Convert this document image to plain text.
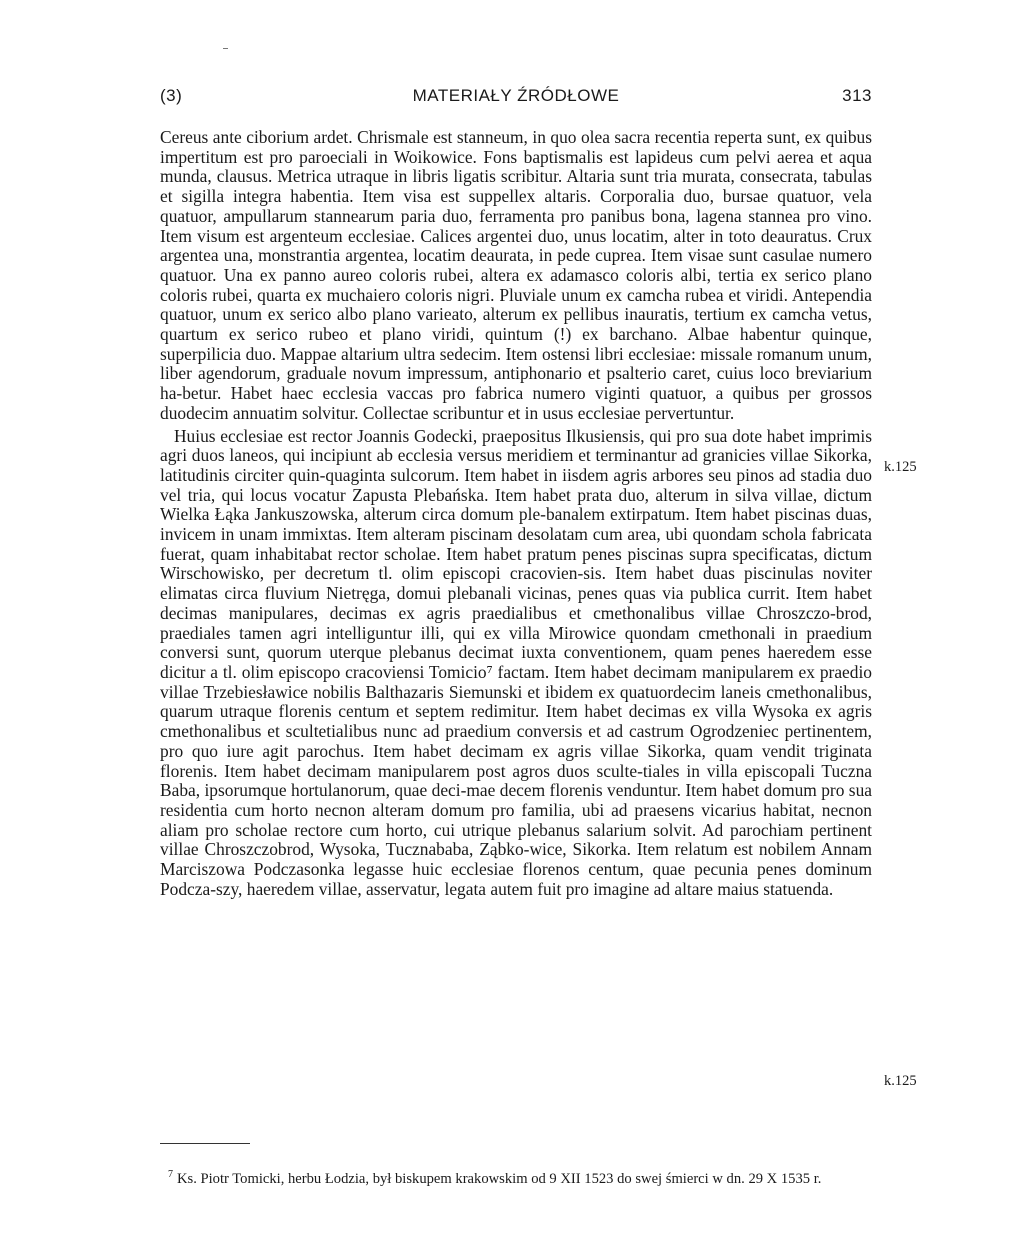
(3)	MATERIAŁY ŹRÓDŁOWE	313

Cereus ante ciborium ardet. Chrismale est stanneum, in quo olea sacra recentia reperta sunt, ex quibus impertitum est pro paroeciali in Woikowice. Fons baptismalis est lapideus cum pelvi aerea et aqua munda, clausus. Metrica utraque in libris ligatis scribitur. Altaria sunt tria murata, consecrata, tabulas et sigilla integra habentia. Item visa est suppellex altaris. Corporalia duo, bursae quatuor, vela quatuor, ampullarum stannearum paria duo, ferramenta pro panibus bona, lagena stannea pro vino. Item visum est argenteum ecclesiae. Calices argentei duo, unus locatim, alter in toto deauratus. Crux argentea una, monstrantia argentea, locatim deaurata, in pede cuprea. Item visae sunt casulae numero quatuor. Una ex panno aureo coloris rubei, altera ex adamasco coloris albi, tertia ex serico plano coloris rubei, quarta ex muchaiero coloris nigri. Pluviale unum ex camcha rubea et viridi. Antependia quatuor, unum ex serico albo plano varieato, alterum ex pellibus inauratis, tertium ex camcha vetus, quartum ex serico rubeo et plano viridi, quintum (!) ex barchano. Albae habentur quinque, superpilicia duo. Mappae altarium ultra sedecim. Item ostensi libri ecclesiae: missale romanum unum, liber agendorum, graduale novum impressum, antiphonario et psalterio caret, cuius loco breviarium ha-betur. Habet haec ecclesia vaccas pro fabrica numero viginti quatuor, a quibus per grossos duodecim annuatim solvitur. Collectae scribuntur et in usus ecclesiae pervertuntur.

Huius ecclesiae est rector Joannis Godecki, praepositus Ilkusiensis, qui pro sua dote habet imprimis agri duos laneos, qui incipiunt ab ecclesia versus meridiem et terminantur ad granicies villae Sikorka, latitudinis circiter quin-quaginta sulcorum. Item habet in iisdem agris arbores seu pinos ad stadia duo vel tria, qui locus vocatur Zapusta Plebańska. Item habet prata duo, alterum in silva villae, dictum Wielka Łąka Jankuszowska, alterum circa domum ple-banalem extirpatum. Item habet piscinas duas, invicem in unam immixtas. Item alteram piscinam desolatam cum area, ubi quondam schola fabricata fuerat, quam inhabitabat rector scholae. Item habet pratum penes piscinas supra specificatas, dictum Wirschowisko, per decretum tl. olim episcopi cracovien-sis. Item habet duas piscinulas noviter elimatas circa fluvium Nietręga, domui plebanali vicinas, penes quas via publica currit. Item habet decimas manipulares, decimas ex agris praedialibus et cmethonalibus villae Chroszczo-brod, praediales tamen agri intelliguntur illi, qui ex villa Mirowice quondam cmethonali in praedium conversi sunt, quorum uterque plebanus decimat iuxta conventionem, quam penes haeredem esse dicitur a tl. olim episcopo cracoviensi Tomicio⁷ factam. Item habet decimam manipularem ex praedio villae Trzebiesławice nobilis Balthazaris Siemunski et ibidem ex quatuordecim laneis cmethonalibus, quarum utraque florenis centum et septem redimitur. Item habet decimas ex villa Wysoka ex agris cmethonalibus et scultetialibus nunc ad praedium conversis et ad castrum Ogrodzeniec pertinentem, pro quo iure agit parochus. Item habet decimam ex agris villae Sikorka, quam vendit triginata florenis. Item habet decimam manipularem post agros duos sculte-tiales in villa episcopali Tuczna Baba, ipsorumque hortulanorum, quae deci-mae decem florenis venduntur. Item habet domum pro sua residentia cum horto necnon alteram domum pro familia, ubi ad praesens vicarius habitat, necnon aliam pro scholae rectore cum horto, cui utrique plebanus salarium solvit. Ad parochiam pertinent villae Chroszczobrod, Wysoka, Tucznababa, Ząbko-wice, Sikorka. Item relatum est nobilem Annam Marciszowa Podczasonka legasse huic ecclesiae florenos centum, quae pecunia penes dominum Podcza-szy, haeredem villae, asservatur, legata autem fuit pro imagine ad altare maius statuenda.

k.125
k.125
$^7$ Ks. Piotr Tomicki, herbu Łodzia, był biskupem krakowskim od 9 XII 1523 do swej śmierci w dn. 29 X 1535 r.
